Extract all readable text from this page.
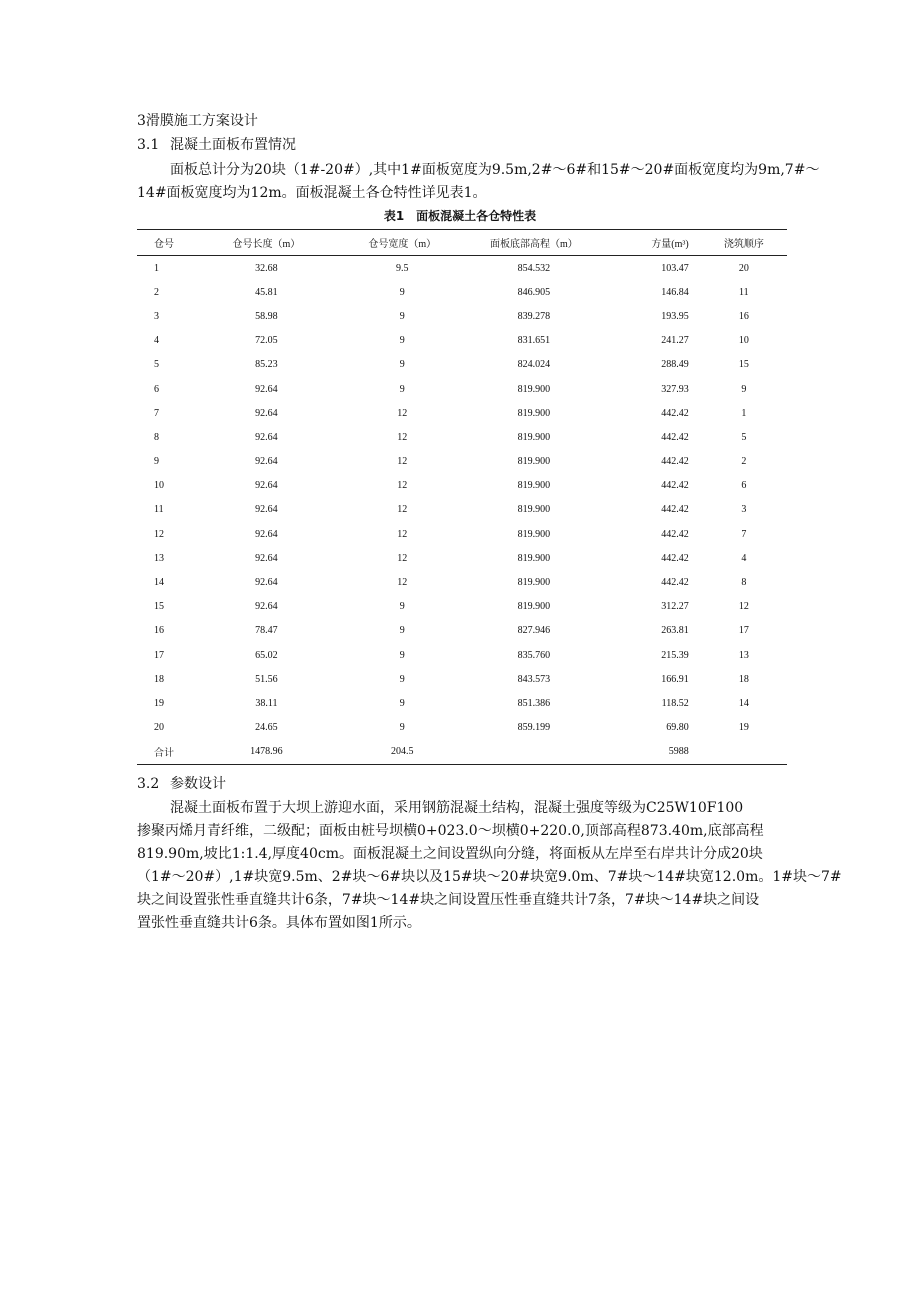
3滑膜施工方案设计
3.1 混凝土面板布置情况
面板总计分为20块（1#-20#）,其中1#面板宽度为9.5m,2#～6#和15#～20#面板宽度均为9m,7#～
14#面板宽度均为12m。面板混凝土各仓特性详见表1。
表1 面板混凝土各仓特性表
仓号	仓号长度（m）	仓号宽度（m）	面板底部高程（m）	方量(m³)	浇筑顺序
1	32.68	9.5	854.532	103.47	20
2	45.81	9	846.905	146.84	11
3	58.98	9	839.278	193.95	16
4	72.05	9	831.651	241.27	10
5	85.23	9	824.024	288.49	15
6	92.64	9	819.900	327.93	9
7	92.64	12	819.900	442.42	1
8	92.64	12	819.900	442.42	5
9	92.64	12	819.900	442.42	2
10	92.64	12	819.900	442.42	6
11	92.64	12	819.900	442.42	3
12	92.64	12	819.900	442.42	7
13	92.64	12	819.900	442.42	4
14	92.64	12	819.900	442.42	8
15	92.64	9	819.900	312.27	12
16	78.47	9	827.946	263.81	17
17	65.02	9	835.760	215.39	13
18	51.56	9	843.573	166.91	18
19	38.11	9	851.386	118.52	14
20	24.65	9	859.199	69.80	19
合计	1478.96	204.5		5988	
3.2 参数设计
混凝土面板布置于大坝上游迎水面，采用钢筋混凝土结构，混凝土强度等级为C25W10F100
掺聚丙烯月青纤维，二级配；面板由桩号坝横0+023.0～坝横0+220.0,顶部高程873.40m,底部高程
819.90m,坡比1:1.4,厚度40cm。面板混凝土之间设置纵向分缝，将面板从左岸至右岸共计分成20块
（1#～20#）,1#块宽9.5m、2#块～6#块以及15#块～20#块宽9.0m、7#块～14#块宽12.0m。1#块～7#
块之间设置张性垂直缝共计6条，7#块～14#块之间设置压性垂直缝共计7条，7#块～14#块之间设
置张性垂直缝共计6条。具体布置如图1所示。
